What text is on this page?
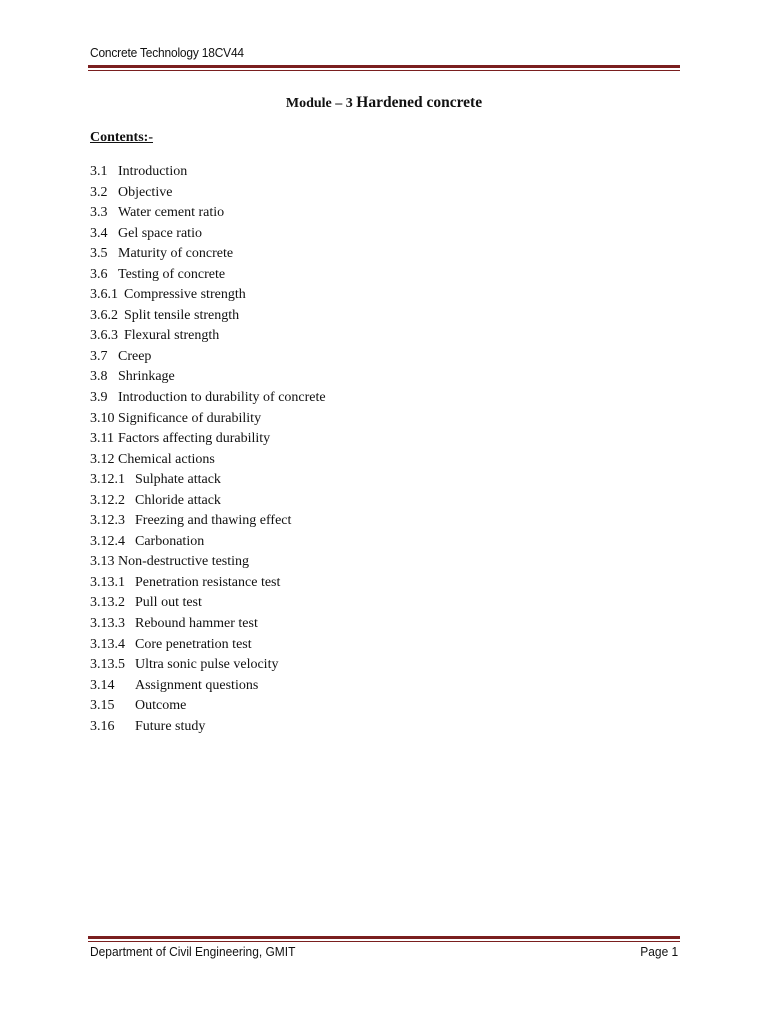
Concrete Technology 18CV44
Module – 3 Hardened concrete
Contents:-
3.1 Introduction
3.2 Objective
3.3 Water cement ratio
3.4 Gel space ratio
3.5 Maturity of concrete
3.6 Testing of concrete
3.6.1 Compressive strength
3.6.2 Split tensile strength
3.6.3 Flexural strength
3.7 Creep
3.8 Shrinkage
3.9 Introduction to durability of concrete
3.10 Significance of durability
3.11 Factors affecting durability
3.12 Chemical actions
3.12.1 Sulphate attack
3.12.2 Chloride attack
3.12.3 Freezing and thawing effect
3.12.4 Carbonation
3.13 Non-destructive testing
3.13.1 Penetration resistance test
3.13.2 Pull out test
3.13.3 Rebound hammer test
3.13.4 Core penetration test
3.13.5 Ultra sonic pulse velocity
3.14 Assignment questions
3.15 Outcome
3.16 Future study
Department of Civil Engineering, GMIT	Page 1
